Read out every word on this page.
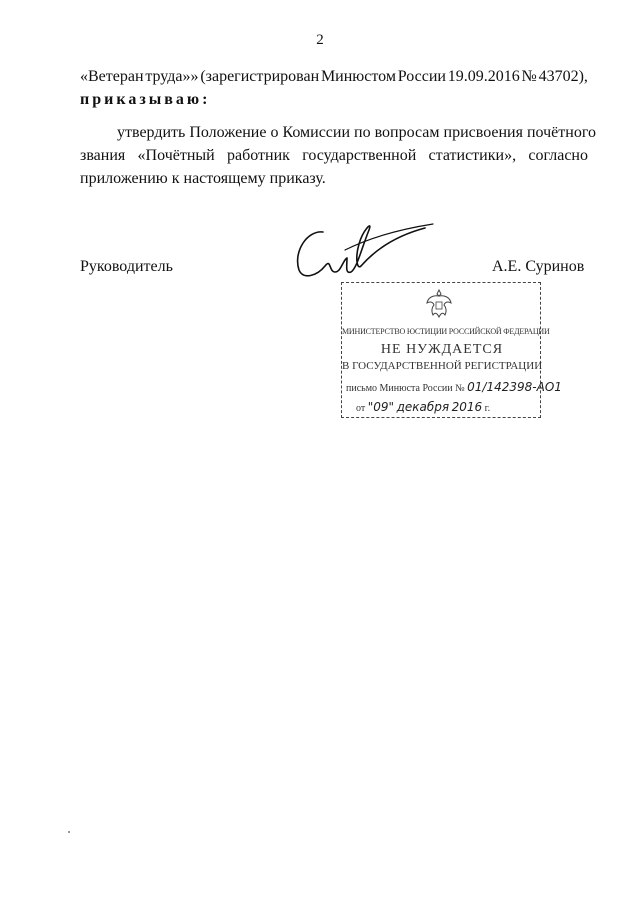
2
«Ветеран труда»» (зарегистрирован Минюстом России 19.09.2016 № 43702),
приказываю:
утвердить Положение о Комиссии по вопросам присвоения почётного
звания «Почётный работник государственной статистики», согласно
приложению к настоящему приказу.
Руководитель	А.Е. Суринов
МИНИСТЕРСТВО ЮСТИЦИИ РОССИЙСКОЙ ФЕДЕРАЦИИ
НЕ НУЖДАЕТСЯ
В ГОСУДАРСТВЕННОЙ РЕГИСТРАЦИИ
письмо Минюста России № 01/142398-АО1
от "09" декабря 2016 г.
